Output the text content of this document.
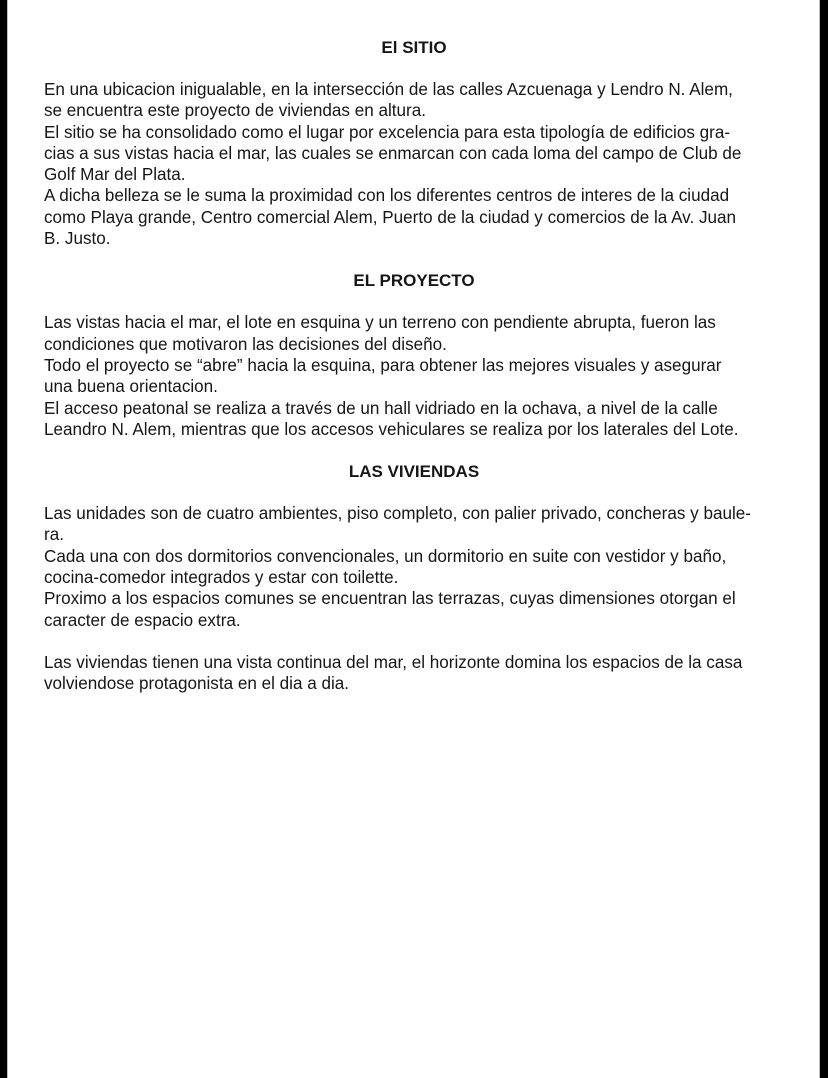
El SITIO

En una ubicacion inigualable, en la intersección de las calles Azcuenaga y Lendro N. Alem,
se encuentra este proyecto de viviendas en altura.

El sitio se ha consolidado como el lugar por excelencia para esta tipología de edificios gra-
cias a sus vistas hacia el mar, las cuales se enmarcan con cada loma del campo de Club de
Golf Mar del Plata.

A dicha belleza se le suma la proximidad con los diferentes centros de interes de la ciudad
como Playa grande, Centro comercial Alem, Puerto de la ciudad y comercios de la Av. Juan
B. Justo.

EL PROYECTO

Las vistas hacia el mar, el lote en esquina y un terreno con pendiente abrupta, fueron las
condiciones que motivaron las decisiones del diseño.

Todo el proyecto se “abre” hacia la esquina, para obtener las mejores visuales y asegurar
una buena orientacion.

El acceso peatonal se realiza a través de un hall vidriado en la ochava, a nivel de la calle
Leandro N. Alem, mientras que los accesos vehiculares se realiza por los laterales del Lote.

LAS VIVIENDAS

Las unidades son de cuatro ambientes, piso completo, con palier privado, concheras y baule-
ra.

Cada una con dos dormitorios convencionales, un dormitorio en suite con vestidor y baño,
cocina-comedor integrados y estar con toilette.

Proximo a los espacios comunes se encuentran las terrazas, cuyas dimensiones otorgan el
caracter de espacio extra.

Las viviendas tienen una vista continua del mar, el horizonte domina los espacios de la casa
volviendose protagonista en el dia a dia.
